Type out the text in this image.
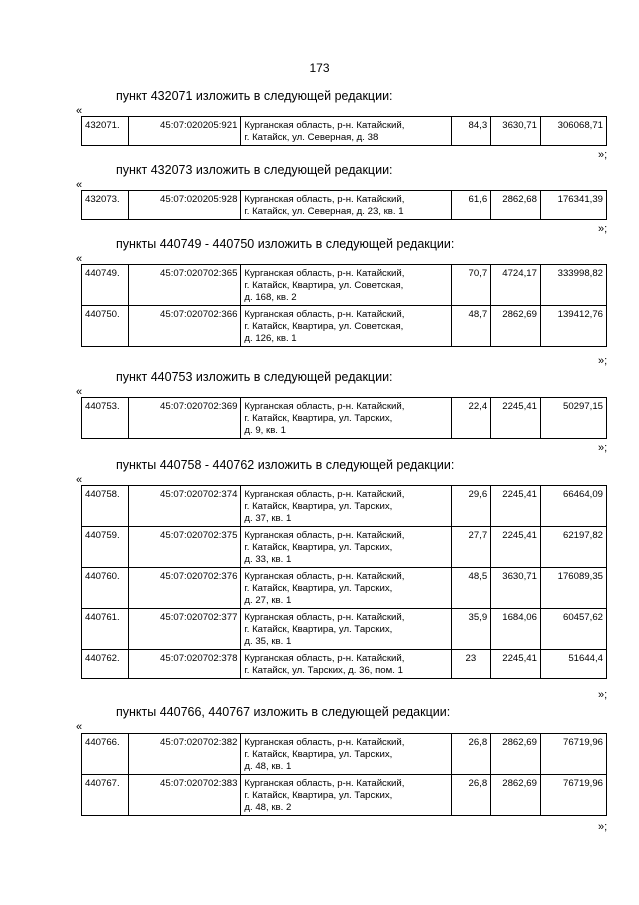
173
пункт 432071 изложить в следующей редакции:
«
432071.	45:07:020205:921	Курганская область, р-н. Катайский,
г. Катайск, ул. Северная, д. 38
	84,3	3630,71	306068,71
»;
пункт 432073 изложить в следующей редакции:
«
432073.	45:07:020205:928	Курганская область, р-н. Катайский,
г. Катайск, ул. Северная, д. 23, кв. 1
	61,6	2862,68	176341,39
»;
пункты 440749 - 440750 изложить в следующей редакции:
«
440749.	45:07:020702:365	Курганская область, р-н. Катайский,
г. Катайск, Квартира, ул. Советская,
д. 168, кв. 2	70,7	4724,17	333998,82
440750.	45:07:020702:366	Курганская область, р-н. Катайский,
г. Катайск, Квартира, ул. Советская,
д. 126, кв. 1	48,7	2862,69	139412,76
»;
пункт 440753 изложить в следующей редакции:
«
440753.	45:07:020702:369	Курганская область, р-н. Катайский,
г. Катайск, Квартира, ул. Тарских,
д. 9, кв. 1
	22,4	2245,41	50297,15
»;
пункты 440758 - 440762 изложить в следующей редакции:
«
440758.	45:07:020702:374	Курганская область, р-н. Катайский,
г. Катайск, Квартира, ул. Тарских,
д. 37, кв. 1	29,6	2245,41	66464,09
440759.	45:07:020702:375	Курганская область, р-н. Катайский,
г. Катайск, Квартира, ул. Тарских,
д. 33, кв. 1	27,7	2245,41	62197,82
440760.	45:07:020702:376	Курганская область, р-н. Катайский,
г. Катайск, Квартира, ул. Тарских,
д. 27, кв. 1	48,5	3630,71	176089,35
440761.	45:07:020702:377	Курганская область, р-н. Катайский,
г. Катайск, Квартира, ул. Тарских,
д. 35, кв. 1	35,9	1684,06	60457,62
440762.	45:07:020702:378	Курганская область, р-н. Катайский,
г. Катайск, ул. Тарских, д. 36, пом. 1	23	2245,41	51644,4
»;
пункты 440766, 440767 изложить в следующей редакции:
«
440766.	45:07:020702:382	Курганская область, р-н. Катайский,
г. Катайск, Квартира, ул. Тарских,
д. 48, кв. 1	26,8	2862,69	76719,96
440767.	45:07:020702:383	Курганская область, р-н. Катайский,
г. Катайск, Квартира, ул. Тарских,
д. 48, кв. 2	26,8	2862,69	76719,96
»;
